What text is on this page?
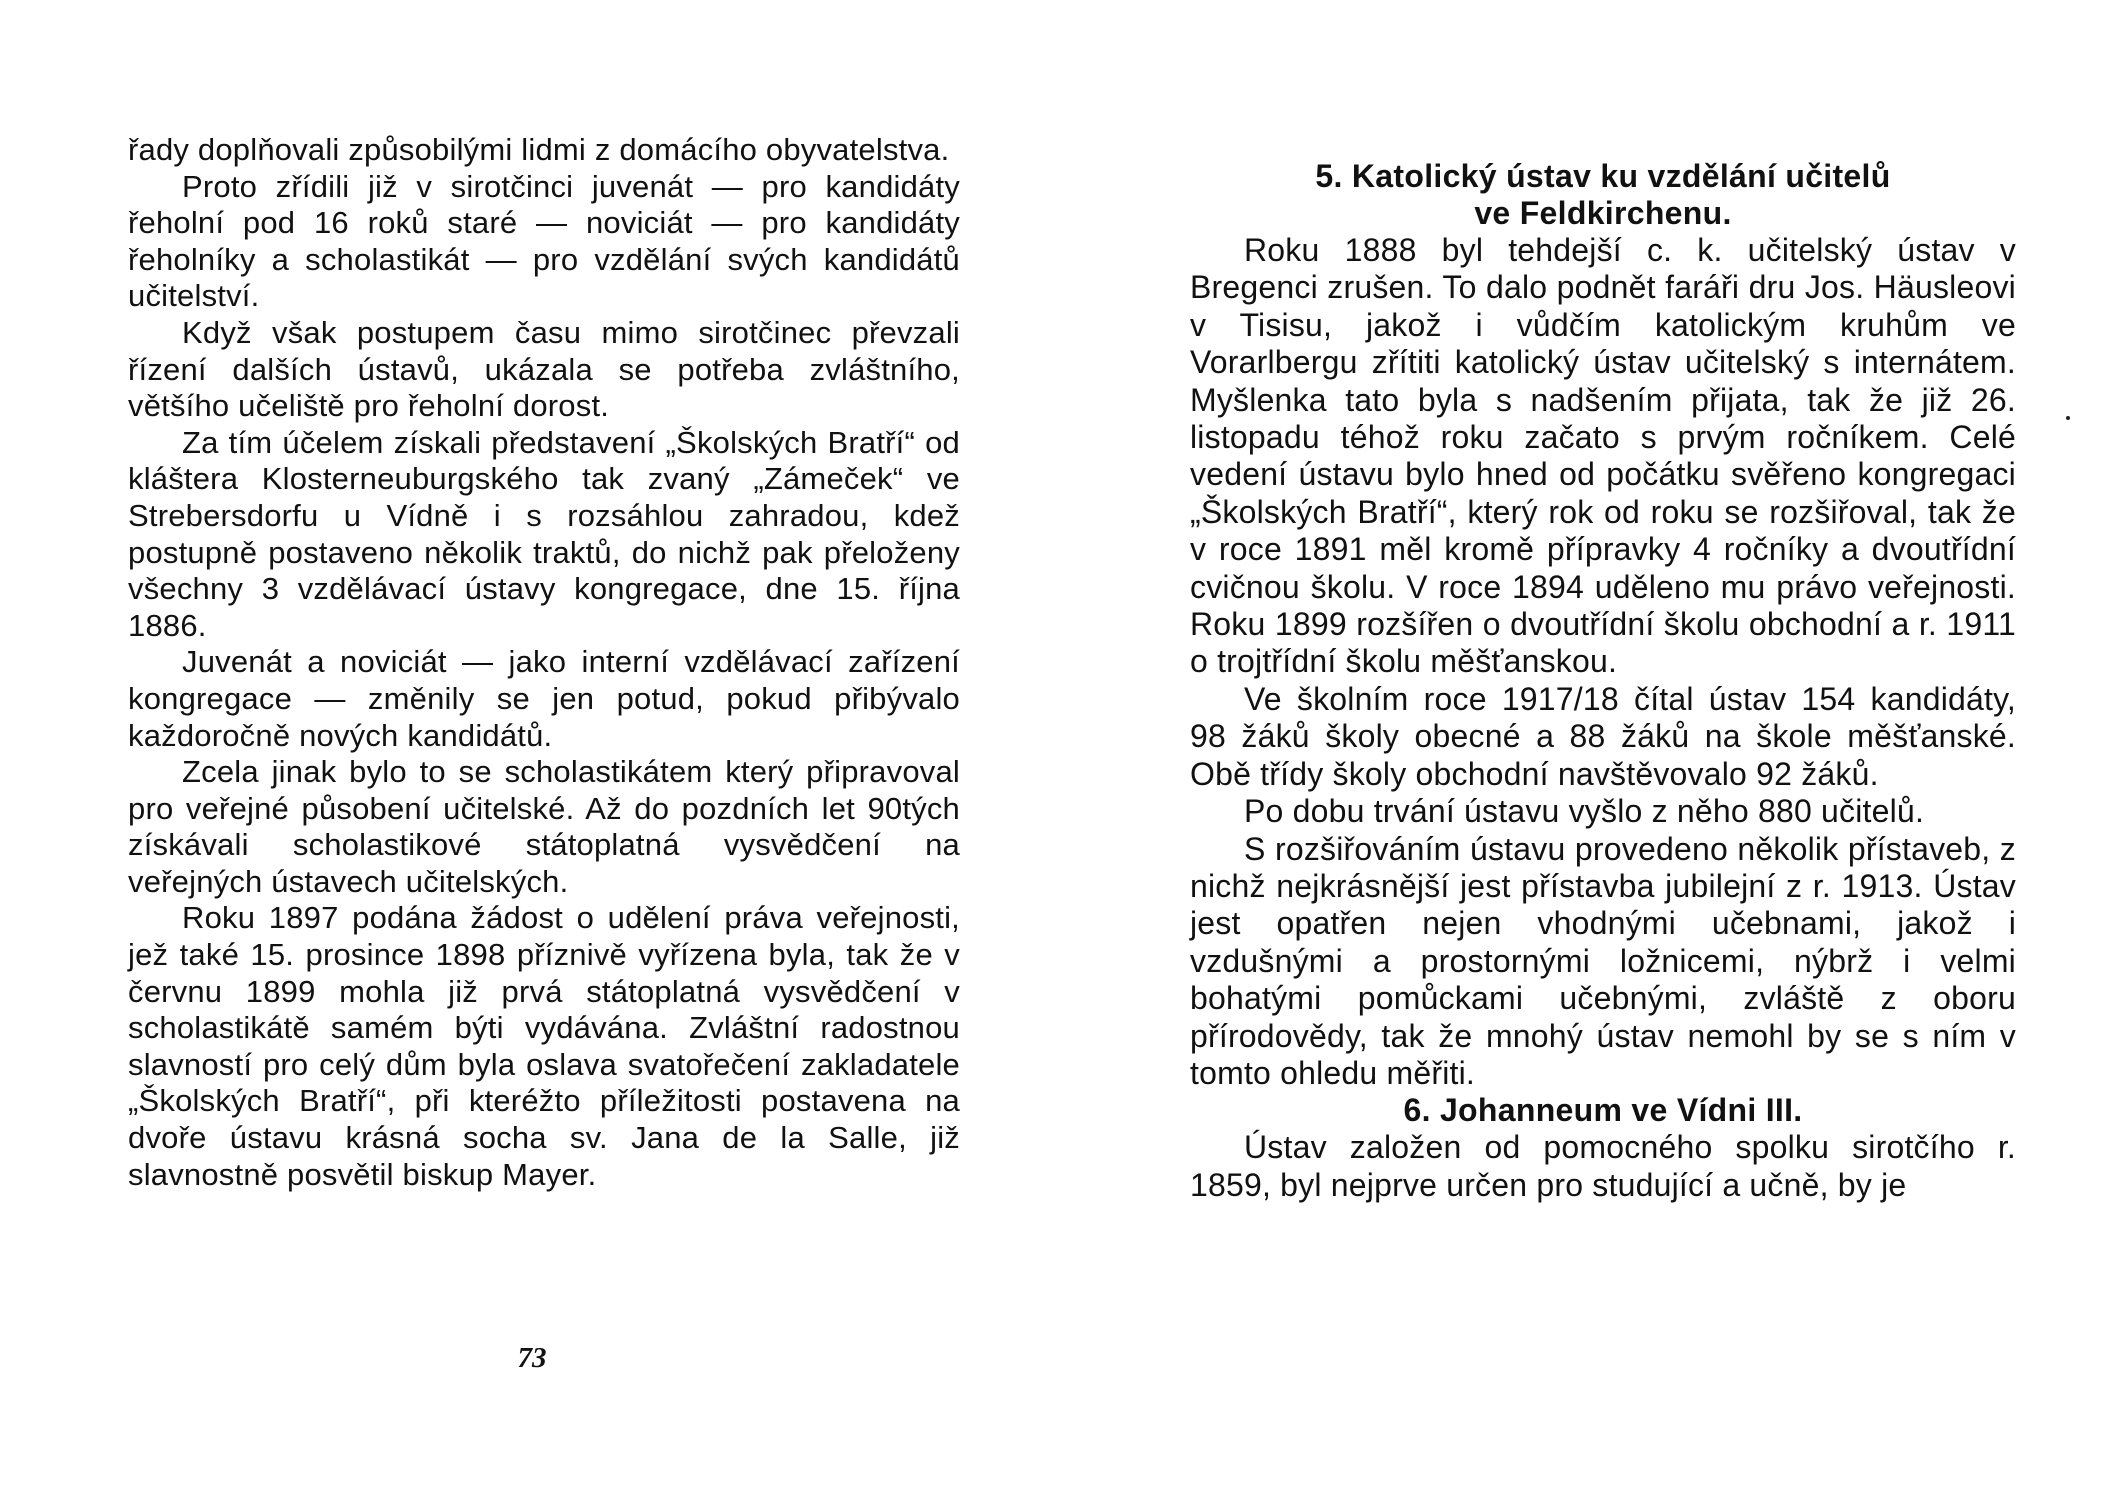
řady doplňovali způsobilými lidmi z domácího obyvatelstva.

Proto zřídili již v sirotčinci juvenát — pro kandidáty řeholní pod 16 roků staré — noviciát — pro kandidáty řeholníky a scholastikát — pro vzdělání svých kandidátů učitelství.

Když však postupem času mimo sirotčinec převzali řízení dalších ústavů, ukázala se potřeba zvláštního, většího učeliště pro řeholní dorost.

Za tím účelem získali představení „Školských Bratří“ od kláštera Klosterneuburgského tak zvaný „Zámeček“ ve Strebersdorfu u Vídně i s rozsáhlou zahradou, kdež postupně postaveno několik traktů, do nichž pak přeloženy všechny 3 vzdělávací ústavy kongregace, dne 15. října 1886.

Juvenát a noviciát — jako interní vzdělávací zařízení kongregace — změnily se jen potud, pokud přibývalo každoročně nových kandidátů.

Zcela jinak bylo to se scholastikátem který připravoval pro veřejné působení učitelské. Až do pozdních let 90tých získávali scholastikové státoplatná vysvědčení na veřejných ústavech učitelských.

Roku 1897 podána žádost o udělení práva veřejnosti, jež také 15. prosince 1898 příznivě vyřízena byla, tak že v červnu 1899 mohla již prvá státoplatná vysvědčení v scholastikátě samém býti vydávána. Zvláštní radostnou slavností pro celý dům byla oslava svatořečení zakladatele „Školských Bratří“, při kteréžto příležitosti postavena na dvoře ústavu krásná socha sv. Jana de la Salle, již slavnostně posvětil biskup Mayer.

73
5. Katolický ústav ku vzdělání učitelů
ve Feldkirchenu.

Roku 1888 byl tehdejší c. k. učitelský ústav v Bregenci zrušen. To dalo podnět faráři dru Jos. Häusleovi v Tisisu, jakož i vůdčím katolickým kruhům ve Vorarlbergu zřítiti katolický ústav učitelský s internátem. Myšlenka tato byla s nadšením přijata, tak že již 26. listopadu téhož roku začato s prvým ročníkem. Celé vedení ústavu bylo hned od počátku svěřeno kongregaci „Školských Bratří“, který rok od roku se rozšiřoval, tak že v roce 1891 měl kromě přípravky 4 ročníky a dvoutřídní cvičnou školu. V roce 1894 uděleno mu právo veřejnosti. Roku 1899 rozšířen o dvoutřídní školu obchodní a r. 1911 o trojtřídní školu měšťanskou.

Ve školním roce 1917/18 čítal ústav 154 kandidáty, 98 žáků školy obecné a 88 žáků na škole měšťanské. Obě třídy školy obchodní navštěvovalo 92 žáků.

Po dobu trvání ústavu vyšlo z něho 880 učitelů.

S rozšiřováním ústavu provedeno několik přístaveb, z nichž nejkrásnější jest přístavba jubilejní z r. 1913. Ústav jest opatřen nejen vhodnými učebnami, jakož i vzdušnými a prostornými ložnicemi, nýbrž i velmi bohatými pomůckami učebnými, zvláště z oboru přírodovědy, tak že mnohý ústav nemohl by se s ním v tomto ohledu měřiti.

6. Johanneum ve Vídni III.

Ústav založen od pomocného spolku sirotčího r. 1859, byl nejprve určen pro studující a učně, by je
